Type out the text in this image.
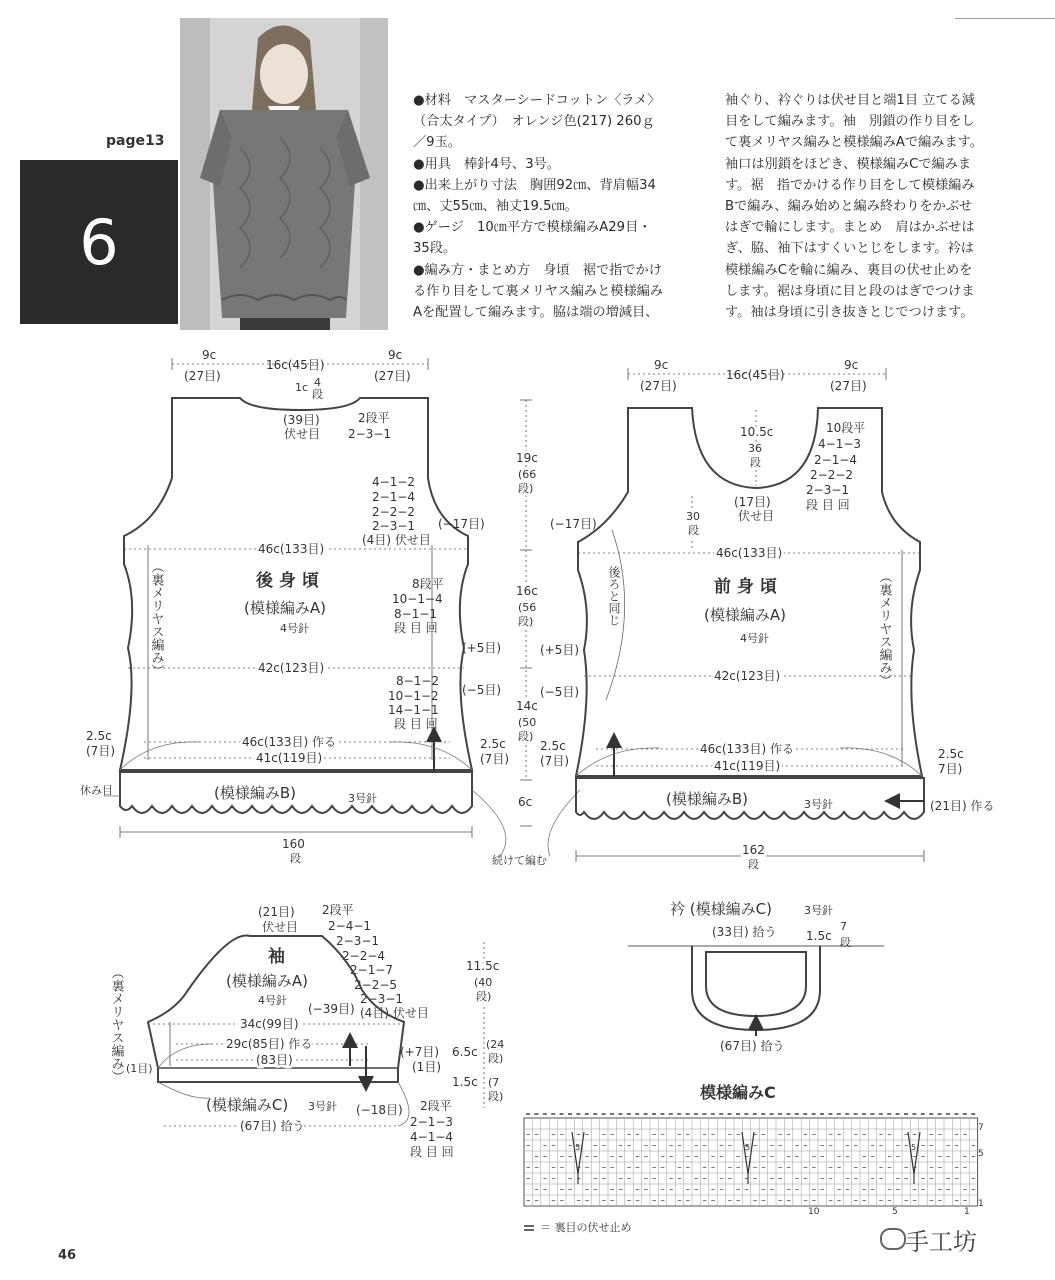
page13
6

●材料　マスターシードコットン〈ラメ〉

（合太タイプ）　オレンジ色(217) 260ｇ

／9玉。

●用具　棒針4号、3号。

●出来上がり寸法　胸囲92㎝、背肩幅34

㎝、丈55㎝、袖丈19.5㎝。

●ゲージ　10㎝平方で模様編みA29目・

35段。

●編み方・まとめ方　身頃　裾で指でかけ

る作り目をして裏メリヤス編みと模様編み

Aを配置して編みます。脇は端の増減目、

袖ぐり、衿ぐりは伏せ目と端1目 立てる減

目をして編みます。袖　別鎖の作り目をし

て裏メリヤス編みと模様編みAで編みます。

袖口は別鎖をほどき、模様編みCで編みま

す。裾　指でかける作り目をして模様編み

Bで編み、編み始めと編み終わりをかぶせ

はぎで輪にします。まとめ　肩はかぶせは

ぎ、脇、袖下はすくいとじをします。衿は

模様編みCを輪に編み、裏目の伏せ止めを

します。裾は身頃に目と段のはぎでつけま

す。袖は身頃に引き抜きとじでつけます。

9c
(27目)
16c(45目)
9c
(27目)
1c 4
段
(39目)
伏せ目
2段平
2−3−1
4−1−2
2−1−4
2−2−2
2−3−1
(4目) 伏せ目
(−17目)
46c(133目)
（裏メリヤス編み）	後 身 頃
(模様編みA)
4号針
8段平
10−1−4
8−1−1
段 目 回
(+5目)
42c(123目)
8−1−2
10−1−2
14−1−1
段 目 回
(−5目)
2.5c
(7目)	2.5c
(7目)
46c(133目) 作る
41c(119目)
休み目	(模様編みB)	3号針
160
段	続けて編む
19c
(66
段)
16c
(56
段)
14c
(50
段)
6c
9c
(27目)
16c(45目)
9c
(27目)
10.5c
36
段
(17目)
伏せ目
10段平
4−1−3
2−1−4
2−2−2
2−3−1
段 目 回
30
段
(−17目)
46c(133目)
後ろと同じ	前 身 頃
(模様編みA)
4号針	（裏メリヤス編み）
(+5目)
42c(123目)
(−5目)
2.5c
(7目)	2.5c
7目)
46c(133目) 作る
41c(119目)
(模様編みB)	3号針	(21目) 作る
162
段
(21目)
伏せ目
2段平
2−4−1
2−3−1
2−2−4
2−1−7
2−2−5
2−3−1
(4目) 伏せ目
袖
(模様編みA)
4号針
(−39目)
34c(99目)
29c(85目) 作る
(83目)
（裏メリヤス編み） (1目)
(+7目)
(1目)
(模様編みC) 3号針 (−18目)
(67目) 拾う
2段平
2−1−3
4−1−4
段 目 回
11.5c
(40
段)
6.5c
(24
段)
1.5c (7
段)
衿 (模様編みC)	3号針
(33目) 拾う 1.5c
7
段
(67目) 拾う
模様編みC
5	5	5
7
5
1
10	5	1
＝ 裏目の伏せ止め
46	手工坊
